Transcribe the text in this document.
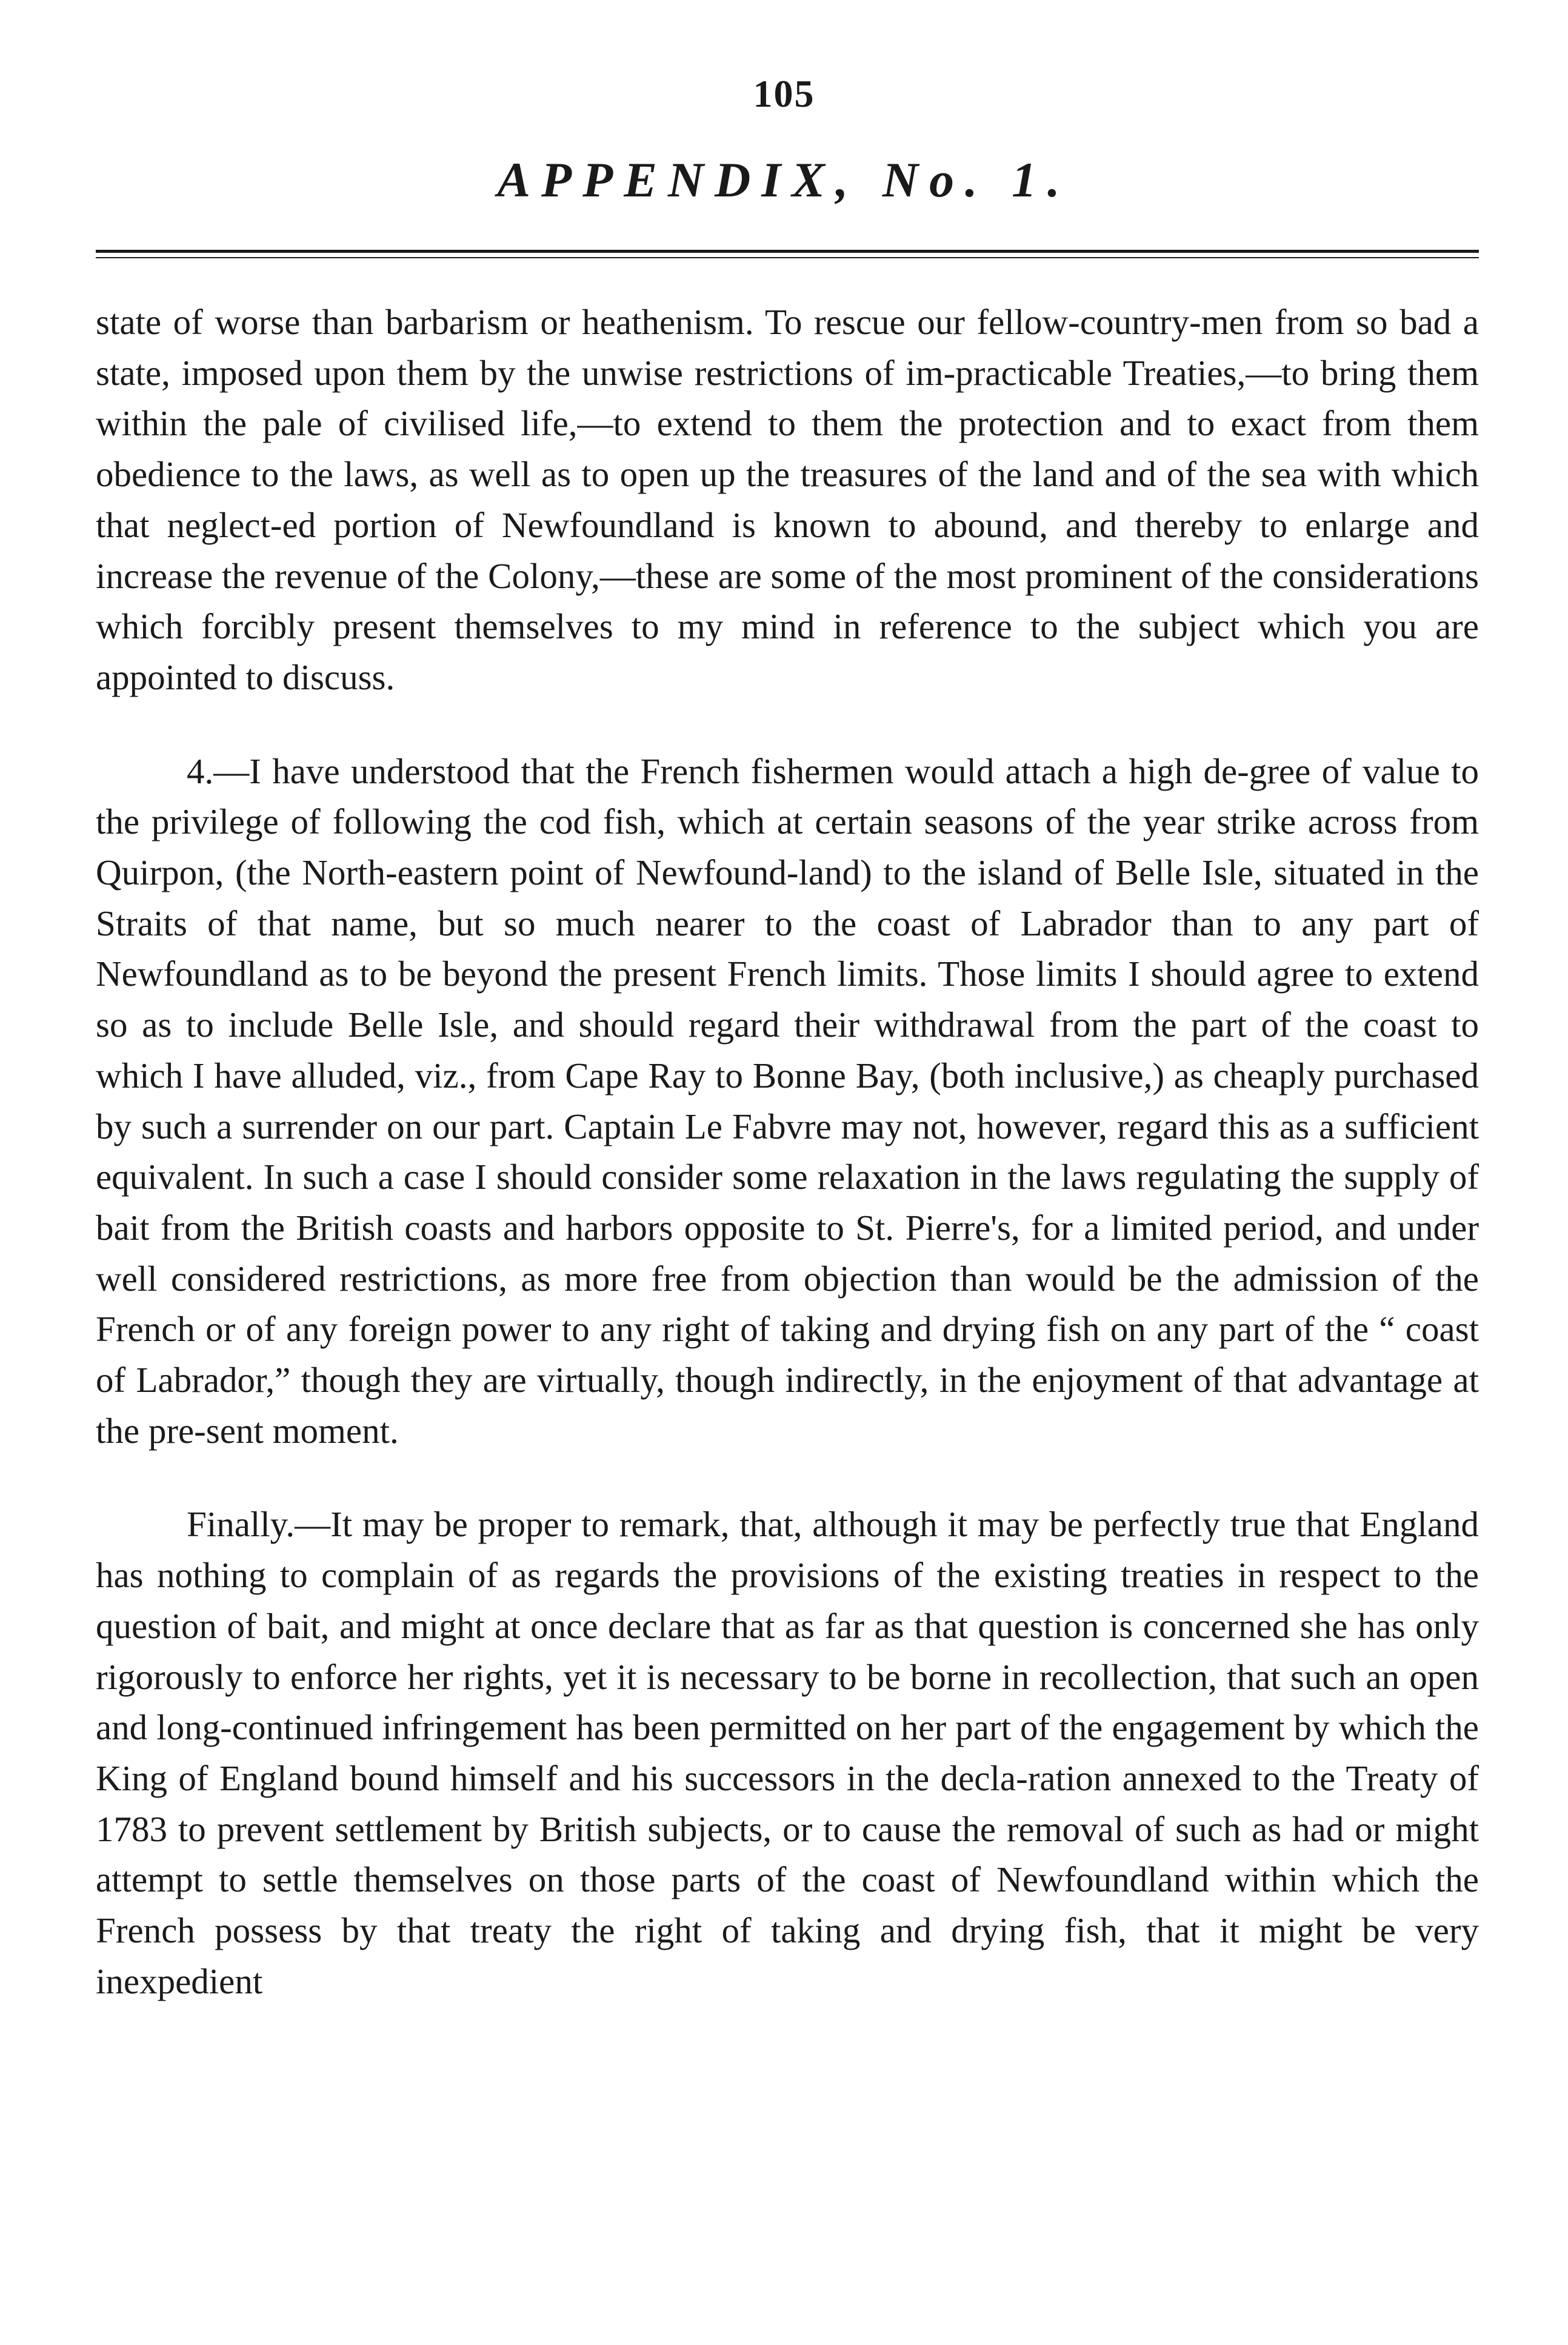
105
APPENDIX, No. 1.

state of worse than barbarism or heathenism. To rescue our fellow-country-men from so bad a state, imposed upon them by the unwise restrictions of im-practicable Treaties,—to bring them within the pale of civilised life,—to extend to them the protection and to exact from them obedience to the laws, as well as to open up the treasures of the land and of the sea with which that neglect-ed portion of Newfoundland is known to abound, and thereby to enlarge and increase the revenue of the Colony,—these are some of the most prominent of the considerations which forcibly present themselves to my mind in reference to the subject which you are appointed to discuss.

4.—I have understood that the French fishermen would attach a high de-gree of value to the privilege of following the cod fish, which at certain seasons of the year strike across from Quirpon, (the North-eastern point of Newfound-land) to the island of Belle Isle, situated in the Straits of that name, but so much nearer to the coast of Labrador than to any part of Newfoundland as to be beyond the present French limits. Those limits I should agree to extend so as to include Belle Isle, and should regard their withdrawal from the part of the coast to which I have alluded, viz., from Cape Ray to Bonne Bay, (both inclusive,) as cheaply purchased by such a surrender on our part. Captain Le Fabvre may not, however, regard this as a sufficient equivalent. In such a case I should consider some relaxation in the laws regulating the supply of bait from the British coasts and harbors opposite to St. Pierre's, for a limited period, and under well considered restrictions, as more free from objection than would be the admission of the French or of any foreign power to any right of taking and drying fish on any part of the “ coast of Labrador,” though they are virtually, though indirectly, in the enjoyment of that advantage at the pre-sent moment.

Finally.—It may be proper to remark, that, although it may be perfectly true that England has nothing to complain of as regards the provisions of the existing treaties in respect to the question of bait, and might at once declare that as far as that question is concerned she has only rigorously to enforce her rights, yet it is necessary to be borne in recollection, that such an open and long-continued infringement has been permitted on her part of the engagement by which the King of England bound himself and his successors in the decla-ration annexed to the Treaty of 1783 to prevent settlement by British subjects, or to cause the removal of such as had or might attempt to settle themselves on those parts of the coast of Newfoundland within which the French possess by that treaty the right of taking and drying fish, that it might be very inexpedient
